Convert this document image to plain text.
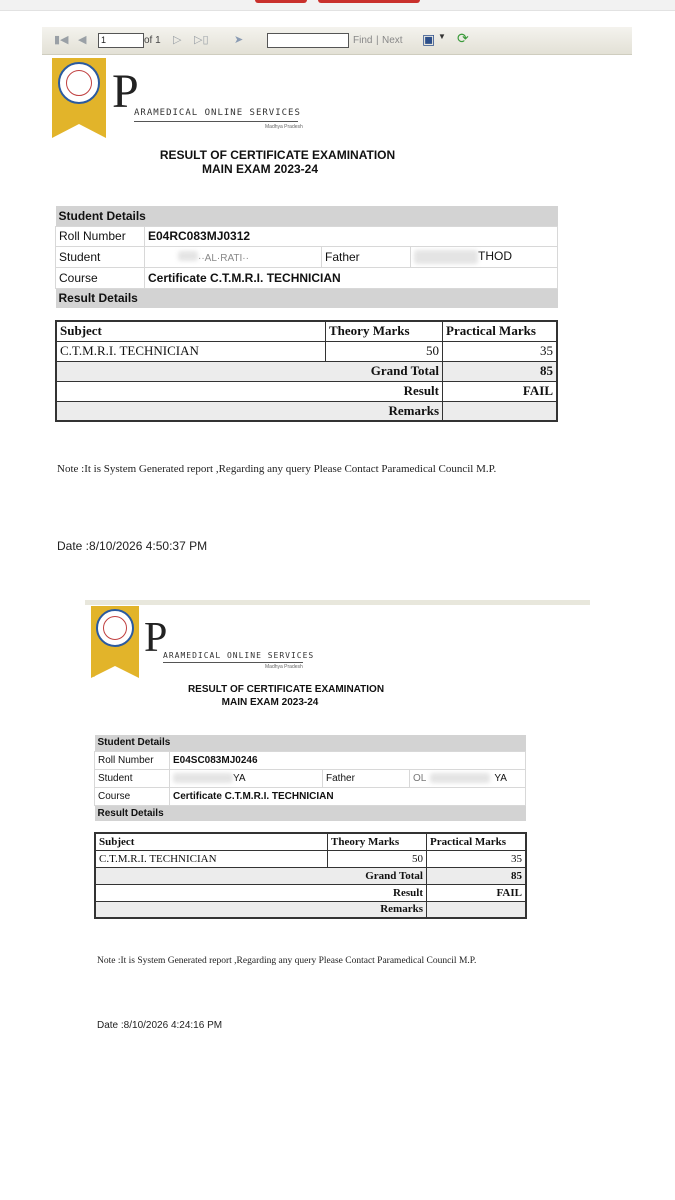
▮◀ ◀	1	of 1 ▷ ▷▯ ➤	Find | Next ▣ ▼ ⟳
P
ARAMEDICAL ONLINE SERVICES
Madhya Pradesh
RESULT OF CERTIFICATE EXAMINATION
MAIN EXAM 2023-24
Student Details			
Roll Number	E04RC083MJ0312		
Student	··AL·RATI··	Father	THOD
Course	Certificate C.T.M.R.I. TECHNICIAN		
Result Details			
Subject	Theory Marks	Practical Marks
C.T.M.R.I. TECHNICIAN	50	35
Grand Total		85
Result		FAIL
Remarks		
Note :It is System Generated report ,Regarding any query Please Contact Paramedical Council M.P.
Date :8/10/2026 4:50:37 PM
P
ARAMEDICAL ONLINE SERVICES
Madhya Pradesh
RESULT OF CERTIFICATE EXAMINATION
MAIN EXAM 2023-24
Student Details			
Roll Number	E04SC083MJ0246		
Student	YA	Father	OL YA
Course	Certificate C.T.M.R.I. TECHNICIAN		
Result Details			
Subject	Theory Marks	Practical Marks
C.T.M.R.I. TECHNICIAN	50	35
Grand Total		85
Result		FAIL
Remarks		
Note :It is System Generated report ,Regarding any query Please Contact Paramedical Council M.P.
Date :8/10/2026 4:24:16 PM
